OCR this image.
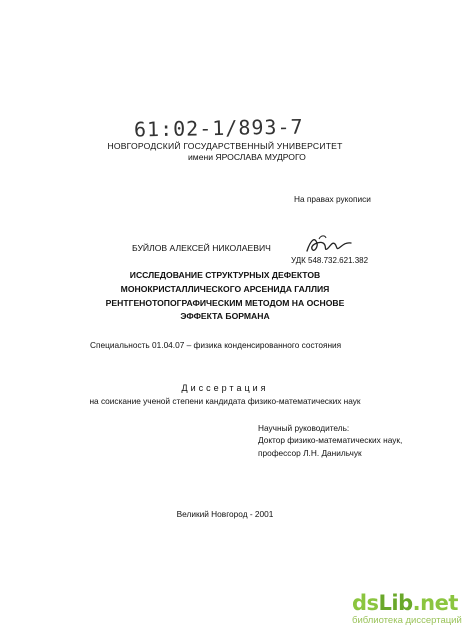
61:02-1/893-7
НОВГОРОДСКИЙ ГОСУДАРСТВЕННЫЙ УНИВЕРСИТЕТ
имени ЯРОСЛАВА МУДРОГО
На правах рукописи
БУЙЛОВ АЛЕКСЕЙ НИКОЛАЕВИЧ
УДК 548.732.621.382
ИССЛЕДОВАНИЕ СТРУКТУРНЫХ ДЕФЕКТОВ
МОНОКРИСТАЛЛИЧЕСКОГО АРСЕНИДА ГАЛЛИЯ
РЕНТГЕНОТОПОГРАФИЧЕСКИМ МЕТОДОМ НА ОСНОВЕ
ЭФФЕКТА БОРМАНА
Специальность 01.04.07 – физика конденсированного состояния
Диссертация
на соискание ученой степени кандидата физико-математических наук
Научный руководитель:
Доктор физико-математических наук,
профессор Л.Н. Данильчук
Великий Новгород - 2001
dsLib.net
библиотека диссертаций
